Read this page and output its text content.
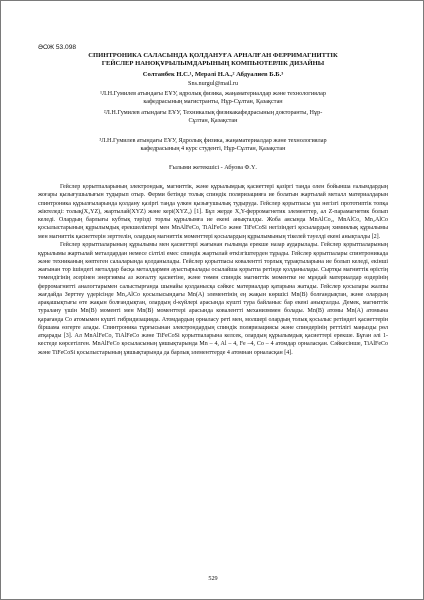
ӘОЖ 53.098
СПИНТРОНИКА САЛАСЫНДА ҚОЛДАНУҒА АРНАЛҒАН ФЕРРИМАГНИТТІК
ГЕЙСЛЕР НАНОҚҰРЫЛЫМДАРЫНЫҢ КОМПЬЮТЕРЛІК ДИЗАЙНЫ
Солтанбек Н.С.¹, Мерәлі Н.А.,² Абдуалиев Б.Б.³
Sns.nurgul@mail.ru
¹Л.Н.Гумилев атындағы ЕҰУ, ядролық физика, жаңаматериалдар және технологиялар
кафедрасының магистранты, Нұр-Сұлтан, Қазақстан
²Л.Н.Гумилев атындағы ЕҰУ, Техникалық физикакафедрасының докторанты, Нұр-
Сұлтан, Қазақстан
³Л.Н.Гумилев атындағы ЕҰУ, Ядролық физика, жаңаматериалдар және технологиялар
кафедрасының 4 курс студенті, Нұр-Сұлтан, Қазақстан
Ғылыми жетекшісі - Абуова Ф.Ү.

Гейслер қорытпаларының электрондық, магниттік, және құрылымдық қасиеттері қазіргі таңда олен бойынша ғалымдардың жоғары қызығушылығын тудырып отыр. Ферми бетінде толық спиндік поляризацияға ие болатын жартылай металл материалдарын спинтроника құрылғыларында қолдану қазіргі таңда үлкен қызығушылық тудыруда. Гейслер қорытпасы үш негізгі прототиптік топқа жіктеледі: толық(X₂YZ), жартылай(XYZ) және кері(XYZ₂) [1]. Бұл жерде X,Y-ферромагнетик элементтер, ал Z-парамагнетик болып келеді. Олардың барлығы кубтық тәрізді торлы құрылымға ие екені анықталды. Жоба аясында MnAlCo₂, MnAlCo, Mn₂AlCo қосылыстарының құрылымдық ерекшеліктері мен MnAlFeCo, TiAlFeCo және TiFeCoSi негізіндегі қосылардың химиялық құрылымы мен магниттік қасиеттерін зерттелін, олардың магниттік моменттері қосылардың құрылымының тікелей тәуелді екені анықталды [2].

Гейслер қорытпаларының құрылымы мен қасиеттері жағынан ғылымда ерекше назар аударылады. Гейслер қорытпаларының құрылымы жартылай металдардан немесе сілтілі емес спиндік жартылай өткізгіштерден тұрады. Гейслер қорытпалары спинтроникада және техниканың көптеген салаларында қолданылады. Гейслер қорытпасы ковалентті торлық тұрақтыларына ие болып келеді, екінші жағынан тор ішіндегі металдар басқа металдармен ауыстырылады осылайша қорытпа ретінде қолданылады. Сыртқы магниттік өрістің төмендігінің әсерінен энергиямы аз жоғалту қасиетіне, және төмен спиндік магниттік моментке не мұндай материалдар өздерінің ферромагнитті аналогтарымен салыстырғанда шынайы қолданысқа сәйкес материалдар қатарына жатады. Гейслер қосылары жалпы жағдайда Зерттеу үдерісінде Mn₂AlCo қосылысындағы Mn(A) элементінің ең жақын көршісі Mn(B) болғандықтан, және олардың арақашықтығы өте жақын болғандықтан, олардың d-күйлері арасында күшті тура байланыс бар екені анықталды. Демек, магниттік туралану үшін Mn(B) моменті мен Mn(B) моменттері арасында ковалентті механизммен болады. Mn(B) атомы Mn(A) атомына қарағанда Co атомымен күшті гибридизацияда. Атомдардың орналасу реті мен, молшері олардың толық қосылыс ретіндегі қасиеттерін біршама өзгерте алады. Спинтроника тұрғысынан электрондардың спиндік поляризациясы және спиндерінің реттілігі маңызды рөл атқарады [3]. Ал MnAlFeCo, TiAlFeCo және TiFeCoSi қорытпаларына келсек, олардың құрылымдық қасиеттері ерекше. Бұған әлі 1-кестеде көрсетілген. MnAlFeCo қосыласының ұяшықтарында Mn – 4, Al – 4, Fe –4, Co – 4 атомдар орналасқан. Сәйкесінше, TiAlFeCo және TiFeCoSi қосылыстарының ұяшықтарында да барлық элементтерде 4 атомнан орналасқан [4].

529
